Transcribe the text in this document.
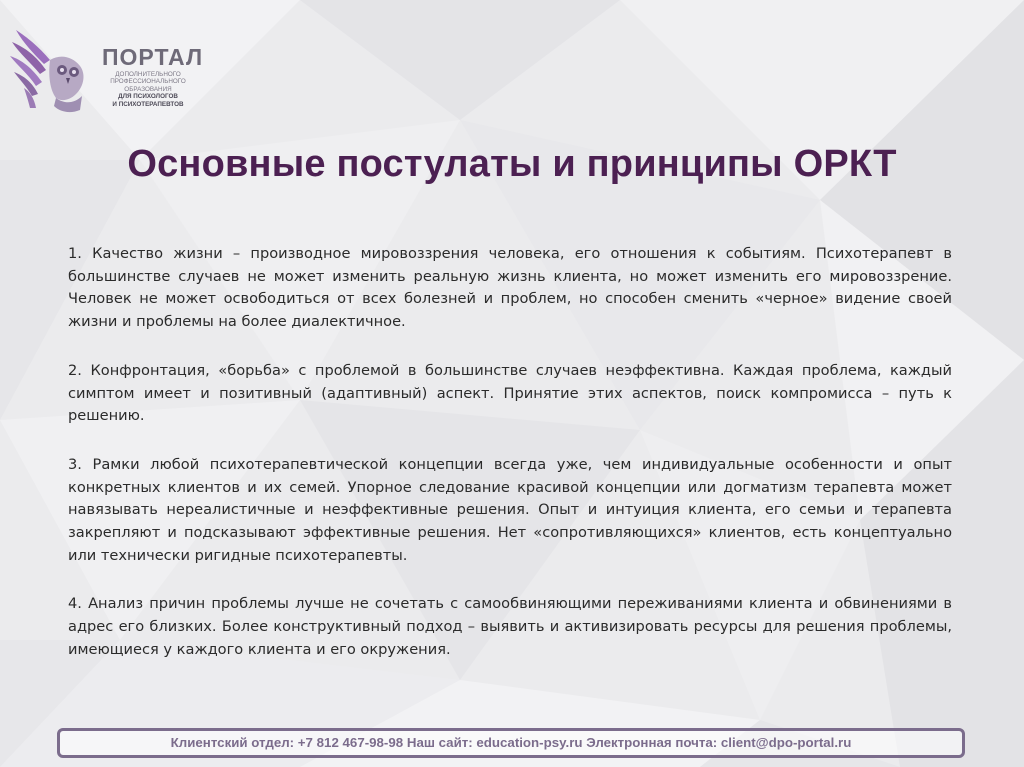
ПОРТАЛ
ДОПОЛНИТЕЛЬНОГО
ПРОФЕССИОНАЛЬНОГО
ОБРАЗОВАНИЯ
ДЛЯ ПСИХОЛОГОВ
И ПСИХОТЕРАПЕВТОВ
Основные постулаты и принципы ОРКТ

1. Качество жизни – производное мировоззрения человека, его отношения к событиям. Психотерапевт в большинстве случаев не может изменить реальную жизнь клиента, но может изменить его мировоззрение. Человек не может освободиться от всех болезней и проблем, но способен сменить «черное» видение своей жизни и проблемы на более диалектичное.

2. Конфронтация, «борьба» с проблемой в большинстве случаев неэффективна. Каждая проблема, каждый симптом имеет и позитивный (адаптивный) аспект. Принятие этих аспектов, поиск компромисса – путь к решению.

3. Рамки любой психотерапевтической концепции всегда уже, чем индивидуальные особенности и опыт конкретных клиентов и их семей. Упорное следование красивой концепции или догматизм терапевта может навязывать нереалистичные и неэффективные решения. Опыт и интуиция клиента, его семьи и терапевта закрепляют и подсказывают эффективные решения. Нет «сопротивляющихся» клиентов, есть концептуально или технически ригидные психотерапевты.

4. Анализ причин проблемы лучше не сочетать с самообвиняющими переживаниями клиента и обвинениями в адрес его близких. Более конструктивный подход – выявить и активизировать ресурсы для решения проблемы, имеющиеся у каждого клиента и его окружения.

Клиентский отдел: +7 812 467-98-98 Наш сайт: education-psy.ru Электронная почта: client@dpo-portal.ru
